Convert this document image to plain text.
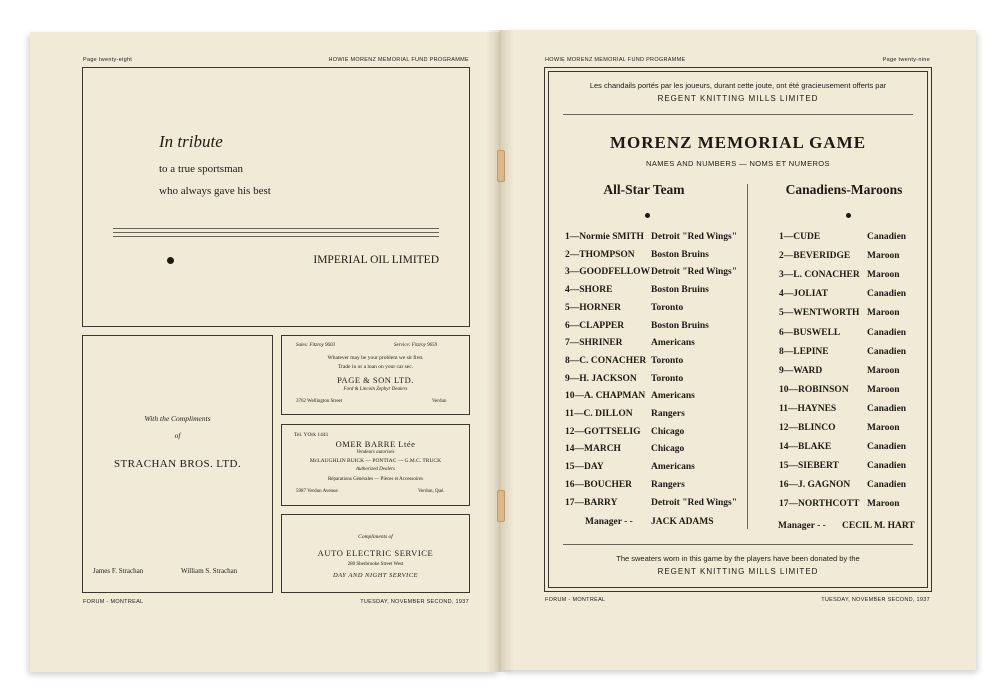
Page twenty-eight	HOWIE MORENZ MEMORIAL FUND PROGRAMME
In tribute
to a true sportsman
who always gave his best
IMPERIAL OIL LIMITED
With the Compliments
of
STRACHAN BROS. LTD.
James F. Strachan	William S. Strachan
Sales: Fitzroy 9603	Service: Fitzroy 9659
Whatever may be your problem we sit first.
Trade in or a loan on your car sec.
PAGE & SON LTD.
Ford & Lincoln Zephyr Dealers
3762 Wellington Street	Verdun
Tel. YOrk 1441
OMER BARRE Ltée
Vendeurs autorisés
McLAUGHLIN BUICK — PONTIAC — G.M.C. TRUCK
Authorized Dealers
Réparations Générales — Pièces et Accessoires
5987 Verdun Avenue	Verdun, Qué.
Compliments of
AUTO ELECTRIC SERVICE
280 Sherbrooke Street West
DAY AND NIGHT SERVICE
FORUM - MONTREAL	TUESDAY, NOVEMBER SECOND, 1937
HOWIE MORENZ MEMORIAL FUND PROGRAMME	Page twenty-nine
Les chandails portés par les joueurs, durant cette joute, ont été gracieusement offerts par
REGENT KNITTING MILLS LIMITED
MORENZ MEMORIAL GAME
NAMES AND NUMBERS — NOMS ET NUMEROS
All-Star Team
1—Normie SMITH Detroit "Red Wings"
2—THOMPSON Boston Bruins
3—GOODFELLOW Detroit "Red Wings"
4—SHORE	Boston Bruins
5—HORNER	Toronto
6—CLAPPER	Boston Bruins
7—SHRINER	Americans
8—C. CONACHER Toronto
9—H. JACKSON Toronto
10—A. CHAPMAN Americans
11—C. DILLON Rangers
12—GOTTSELIG Chicago
14—MARCH	Chicago
15—DAY	Americans
16—BOUCHER Rangers
17—BARRY	Detroit "Red Wings"
Manager - - JACK ADAMS
Canadiens-Maroons
1—CUDE	Canadien
2—BEVERIDGE Maroon
3—L. CONACHER Maroon
4—JOLIAT	Canadien
5—WENTWORTH Maroon
6—BUSWELL	Canadien
8—LEPINE	Canadien
9—WARD	Maroon
10—ROBINSON Maroon
11—HAYNES	Canadien
12—BLINCO	Maroon
14—BLAKE	Canadien
15—SIEBERT	Canadien
16—J. GAGNON Canadien
17—NORTHCOTT Maroon
Manager - - CECIL M. HART
The sweaters worn in this game by the players have been donated by the
REGENT KNITTING MILLS LIMITED
FORUM - MONTREAL	TUESDAY, NOVEMBER SECOND, 1937
